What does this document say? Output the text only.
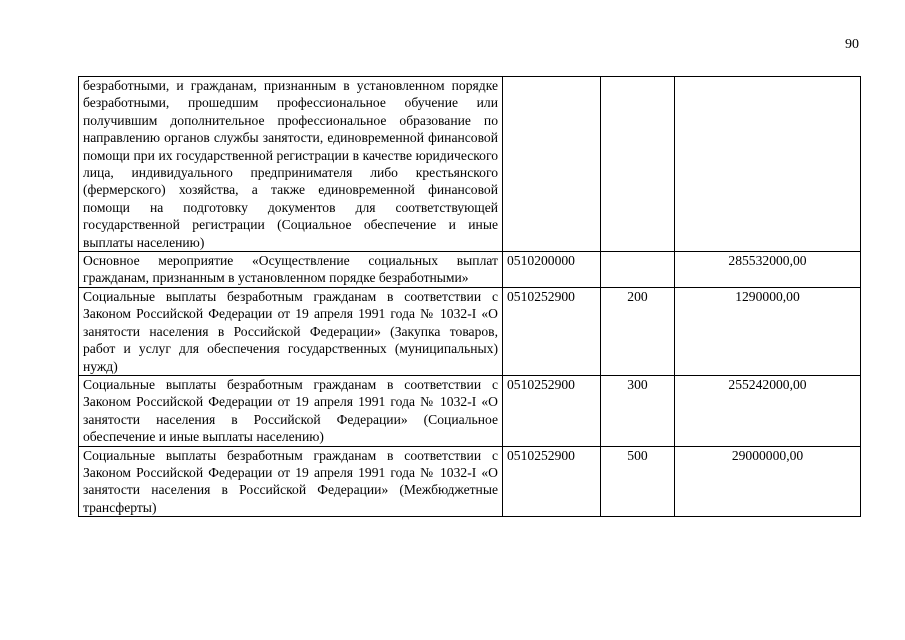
90
безработными, и гражданам, признанным в установленном порядке безработными, прошедшим профессиональное обучение или получившим дополнительное профессиональное образование по направлению органов службы занятости, единовременной финансовой помощи при их государственной регистрации в качестве юридического лица, индивидуального предпринимателя либо крестьянского (фермерского) хозяйства, а также единовременной финансовой помощи на подготовку документов для соответствующей государственной регистрации (Социальное обеспечение и иные выплаты населению)			
Основное мероприятие «Осуществление социальных выплат гражданам, признанным в установленном порядке безработными»	0510200000		285532000,00
Социальные выплаты безработным гражданам в соответствии с Законом Российской Федерации от 19 апреля 1991 года № 1032-I «О занятости населения в Российской Федерации» (Закупка товаров, работ и услуг для обеспечения государственных (муниципальных) нужд)	0510252900	200	1290000,00
Социальные выплаты безработным гражданам в соответствии с Законом Российской Федерации от 19 апреля 1991 года № 1032-I «О занятости населения в Российской Федерации» (Социальное обеспечение и иные выплаты населению)	0510252900	300	255242000,00
Социальные выплаты безработным гражданам в соответствии с Законом Российской Федерации от 19 апреля 1991 года № 1032-I «О занятости населения в Российской Федерации» (Межбюджетные трансферты)	0510252900	500	29000000,00
